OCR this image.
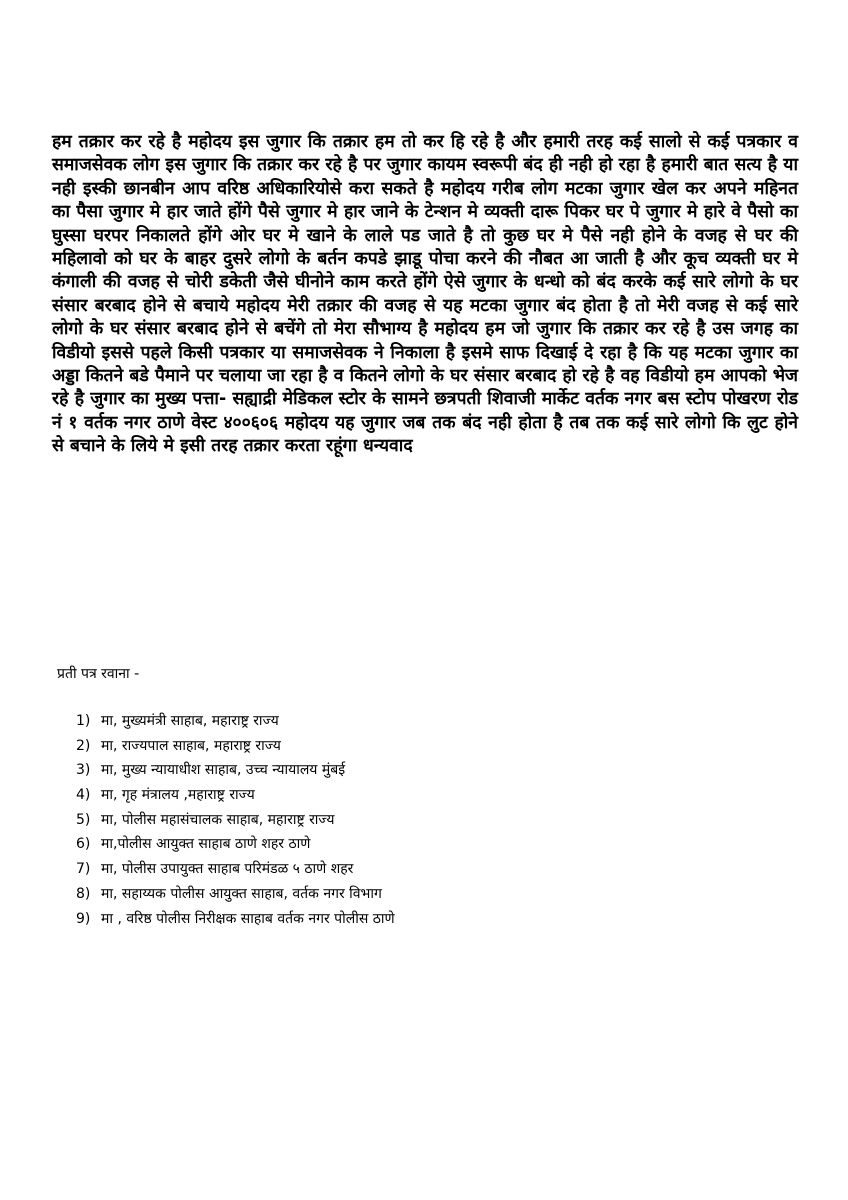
हम तक्रार कर रहे है महोदय इस जुगार कि तक्रार हम तो कर हि रहे है और हमारी तरह कई सालो से कई पत्रकार व समाजसेवक लोग इस जुगार कि तक्रार कर रहे है पर जुगार कायम स्वरूपी बंद ही नही हो रहा है हमारी बात सत्य है या नही इस्की छानबीन आप वरिष्ठ अधिकारियोसे करा सकते है महोदय गरीब लोग मटका जुगार खेल कर अपने महिनत का पैसा जुगार मे हार जाते होंगे पैसे जुगार मे हार जाने के टेन्शन मे व्यक्ती दारू पिकर घर पे जुगार मे हारे वे पैसो का घुस्सा घरपर निकालते होंगे ओर घर मे खाने के लाले पड जाते है तो कुछ घर मे पैसे नही होने के वजह से घर की महिलावो को घर के बाहर दुसरे लोगो के बर्तन कपडे झाडू पोचा करने की नौबत आ जाती है और कूच व्यक्ती घर मे कंगाली की वजह से चोरी डकेती जैसे घीनोने काम करते होंगे ऐसे जुगार के धन्धो को बंद करके कई सारे लोगो के घर संसार बरबाद होने से बचाये महोदय मेरी तक्रार की वजह से यह मटका जुगार बंद होता है तो मेरी वजह से कई सारे लोगो के घर संसार बरबाद होने से बचेंगे तो मेरा सौभाग्य है महोदय हम जो जुगार कि तक्रार कर रहे है उस जगह का विडीयो इससे पहले किसी पत्रकार या समाजसेवक ने निकाला है इसमे साफ दिखाई दे रहा है कि यह मटका जुगार का अड्डा कितने बडे पैमाने पर चलाया जा रहा है व कितने लोगो के घर संसार बरबाद हो रहे है वह विडीयो हम आपको भेज रहे है जुगार का मुख्य पत्ता- सह्याद्री मेडिकल स्टोर के सामने छत्रपती शिवाजी मार्केट वर्तक नगर बस स्टोप पोखरण रोड नं १ वर्तक नगर ठाणे वेस्ट ४००६०६ महोदय यह जुगार जब तक बंद नही होता है तब तक कई सारे लोगो कि लुट होने से बचाने के लिये मे इसी तरह तक्रार करता रहूंगा धन्यवाद

प्रती पत्र रवाना -

1) मा, मुख्यमंत्री साहाब, महाराष्ट्र राज्य
2) मा, राज्यपाल साहाब, महाराष्ट्र राज्य
3) मा, मुख्य न्यायाधीश साहाब, उच्च न्यायालय मुंबई
4) मा, गृह मंत्रालय ,महाराष्ट्र राज्य
5) मा, पोलीस महासंचालक साहाब, महाराष्ट्र राज्य
6) मा,पोलीस आयुक्त साहाब ठाणे शहर ठाणे
7) मा, पोलीस उपायुक्त साहाब परिमंडळ ५ ठाणे शहर
8) मा, सहाय्यक पोलीस आयुक्त साहाब, वर्तक नगर विभाग
9) मा , वरिष्ठ पोलीस निरीक्षक साहाब वर्तक नगर पोलीस ठाणे
